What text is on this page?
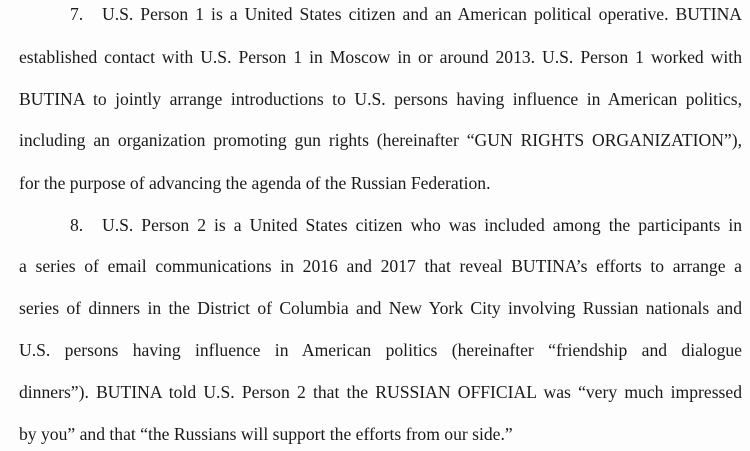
7. U.S. Person 1 is a United States citizen and an American political operative. BUTINA
established contact with U.S. Person 1 in Moscow in or around 2013. U.S. Person 1 worked with
BUTINA to jointly arrange introductions to U.S. persons having influence in American politics,
including an organization promoting gun rights (hereinafter “GUN RIGHTS ORGANIZATION”),
for the purpose of advancing the agenda of the Russian Federation.
8. U.S. Person 2 is a United States citizen who was included among the participants in
a series of email communications in 2016 and 2017 that reveal BUTINA’s efforts to arrange a
series of dinners in the District of Columbia and New York City involving Russian nationals and
U.S. persons having influence in American politics (hereinafter “friendship and dialogue
dinners”). BUTINA told U.S. Person 2 that the RUSSIAN OFFICIAL was “very much impressed
by you” and that “the Russians will support the efforts from our side.”
